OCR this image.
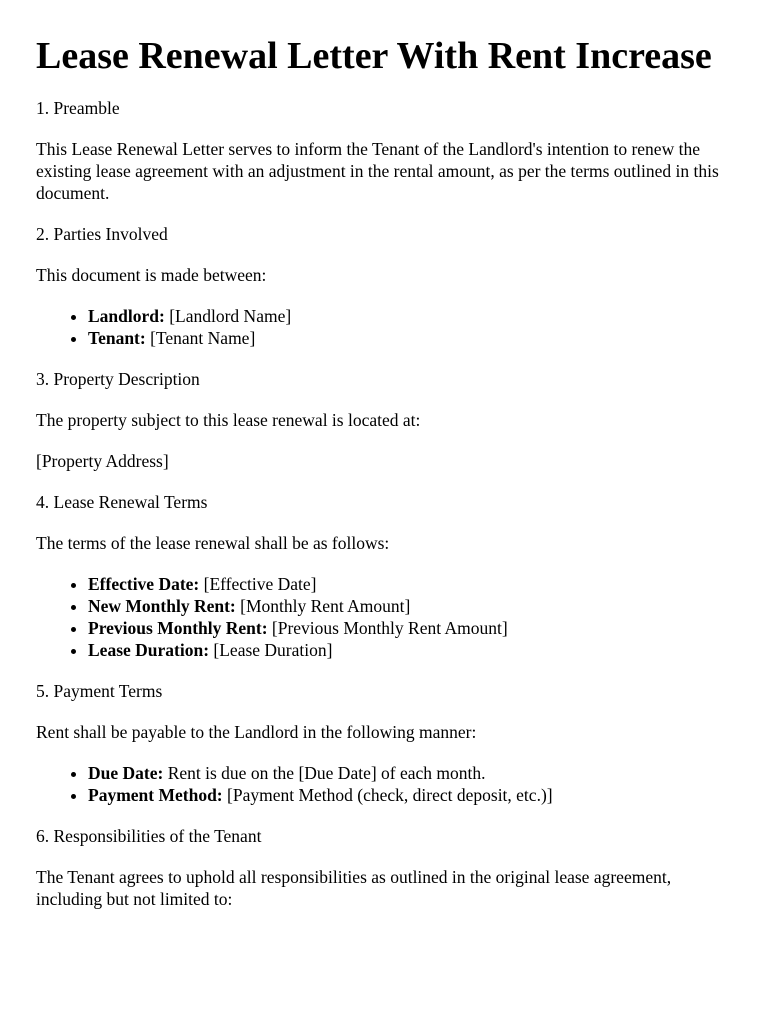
Lease Renewal Letter With Rent Increase

1. Preamble

This Lease Renewal Letter serves to inform the Tenant of the Landlord's intention to renew the existing lease agreement with an adjustment in the rental amount, as per the terms outlined in this document.

2. Parties Involved

This document is made between:

• Landlord: [Landlord Name]
• Tenant: [Tenant Name]

3. Property Description

The property subject to this lease renewal is located at:

[Property Address]

4. Lease Renewal Terms

The terms of the lease renewal shall be as follows:

• Effective Date: [Effective Date]
• New Monthly Rent: [Monthly Rent Amount]
• Previous Monthly Rent: [Previous Monthly Rent Amount]
• Lease Duration: [Lease Duration]

5. Payment Terms

Rent shall be payable to the Landlord in the following manner:

• Due Date: Rent is due on the [Due Date] of each month.
• Payment Method: [Payment Method (check, direct deposit, etc.)]

6. Responsibilities of the Tenant

The Tenant agrees to uphold all responsibilities as outlined in the original lease agreement, including but not limited to:
